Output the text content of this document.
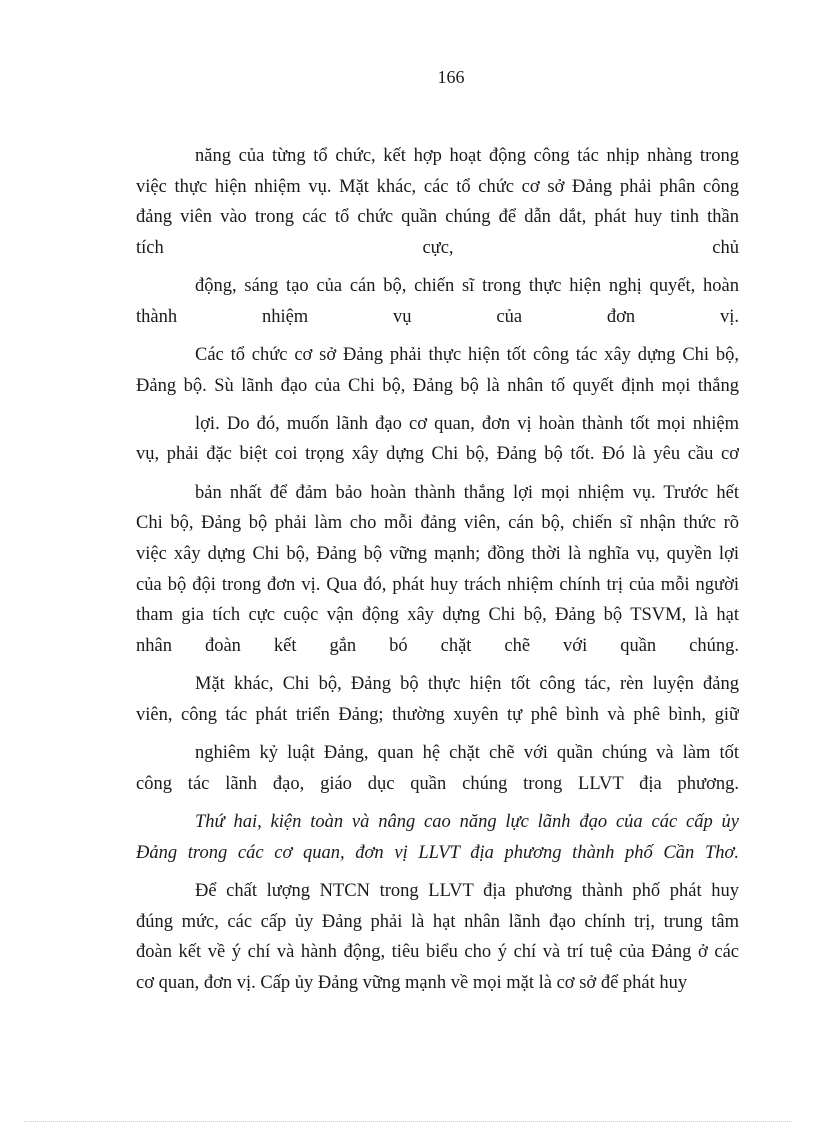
166
năng của từng tổ chức, kết hợp hoạt động công tác nhịp nhàng trong
việc thực hiện nhiệm vụ. Mặt khác, các tổ chức cơ sở Đảng phải phân công
đảng viên vào trong các tổ chức quần chúng để dẫn dắt, phát huy tinh thần
tích cực, chủ
động, sáng tạo của cán bộ, chiến sĩ trong thực hiện nghị quyết, hoàn
thành nhiệm vụ của đơn vị.
Các tổ chức cơ sở Đảng phải thực hiện tốt công tác xây dựng Chi bộ,
Đảng bộ. Sù lãnh đạo của Chi bộ, Đảng bộ là nhân tố quyết định mọi thắng
lợi. Do đó, muốn lãnh đạo cơ quan, đơn vị hoàn thành tốt mọi nhiệm
vụ, phải đặc biệt coi trọng xây dựng Chi bộ, Đảng bộ tốt. Đó là yêu cầu cơ
bản nhất để đảm bảo hoàn thành thắng lợi mọi nhiệm vụ. Trước hết
Chi bộ, Đảng bộ phải làm cho mỗi đảng viên, cán bộ, chiến sĩ nhận thức rõ
việc xây dựng Chi bộ, Đảng bộ vững mạnh; đồng thời là nghĩa vụ, quyền lợi
của bộ đội trong đơn vị. Qua đó, phát huy trách nhiệm chính trị của mỗi người
tham gia tích cực cuộc vận động xây dựng Chi bộ, Đảng bộ TSVM, là hạt
nhân đoàn kết gắn bó chặt chẽ với quần chúng.
Mặt khác, Chi bộ, Đảng bộ thực hiện tốt công tác, rèn luyện đảng
viên, công tác phát triển Đảng; thường xuyên tự phê bình và phê bình, giữ
nghiêm kỷ luật Đảng, quan hệ chặt chẽ với quần chúng và làm tốt
công tác lãnh đạo, giáo dục quần chúng trong LLVT địa phương.
Thứ hai, kiện toàn và nâng cao năng lực lãnh đạo của các cấp ủy
Đảng trong các cơ quan, đơn vị LLVT địa phương thành phố Cần Thơ.
Để chất lượng NTCN trong LLVT địa phương thành phố phát huy
đúng mức, các cấp ủy Đảng phải là hạt nhân lãnh đạo chính trị, trung tâm
đoàn kết về ý chí và hành động, tiêu biểu cho ý chí và trí tuệ của Đảng ở các
cơ quan, đơn vị. Cấp ủy Đảng vững mạnh về mọi mặt là cơ sở để phát huy
